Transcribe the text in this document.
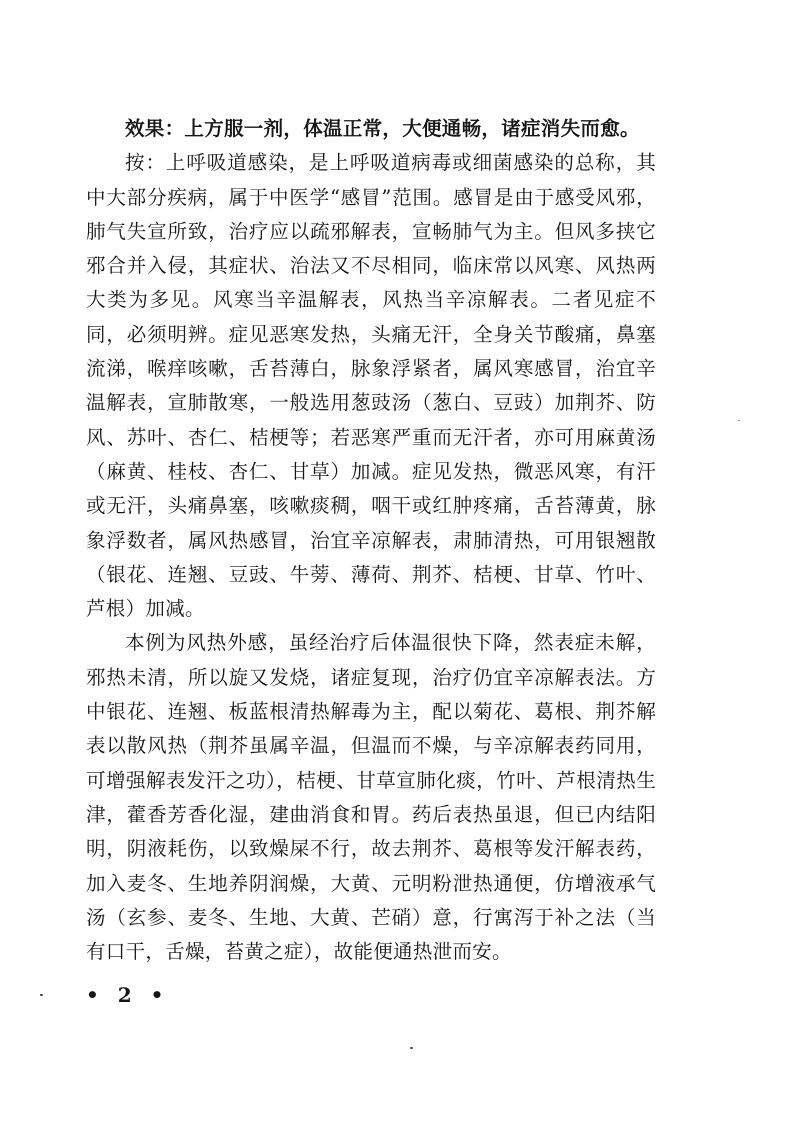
效果：上方服一剂，体温正常，大便通畅，诸症消失而愈。

按：上呼吸道感染，是上呼吸道病毒或细菌感染的总称，其中大部分疾病，属于中医学“感冒”范围。感冒是由于感受风邪，肺气失宣所致，治疗应以疏邪解表，宣畅肺气为主。但风多挟它邪合并入侵，其症状、治法又不尽相同，临床常以风寒、风热两大类为多见。风寒当辛温解表，风热当辛凉解表。二者见症不同，必须明辨。症见恶寒发热，头痛无汗，全身关节酸痛，鼻塞流涕，喉痒咳嗽，舌苔薄白，脉象浮紧者，属风寒感冒，治宜辛温解表，宣肺散寒，一般选用葱豉汤（葱白、豆豉）加荆芥、防风、苏叶、杏仁、桔梗等；若恶寒严重而无汗者，亦可用麻黄汤（麻黄、桂枝、杏仁、甘草）加减。症见发热，微恶风寒，有汗或无汗，头痛鼻塞，咳嗽痰稠，咽干或红肿疼痛，舌苔薄黄，脉象浮数者，属风热感冒，治宜辛凉解表，肃肺清热，可用银翘散（银花、连翘、豆豉、牛蒡、薄荷、荆芥、桔梗、甘草、竹叶、芦根）加减。

本例为风热外感，虽经治疗后体温很快下降，然表症未解，邪热未清，所以旋又发烧，诸症复现，治疗仍宜辛凉解表法。方中银花、连翘、板蓝根清热解毒为主，配以菊花、葛根、荆芥解表以散风热（荆芥虽属辛温，但温而不燥，与辛凉解表药同用，可增强解表发汗之功），桔梗、甘草宣肺化痰，竹叶、芦根清热生津，藿香芳香化湿，建曲消食和胃。药后表热虽退，但已内结阳明，阴液耗伤，以致燥屎不行，故去荆芥、葛根等发汗解表药，加入麦冬、生地养阴润燥，大黄、元明粉泄热通便，仿增液承气汤（玄参、麦冬、生地、大黄、芒硝）意，行寓泻于补之法（当有口干，舌燥，苔黄之症），故能便通热泄而安。

• 2 •
